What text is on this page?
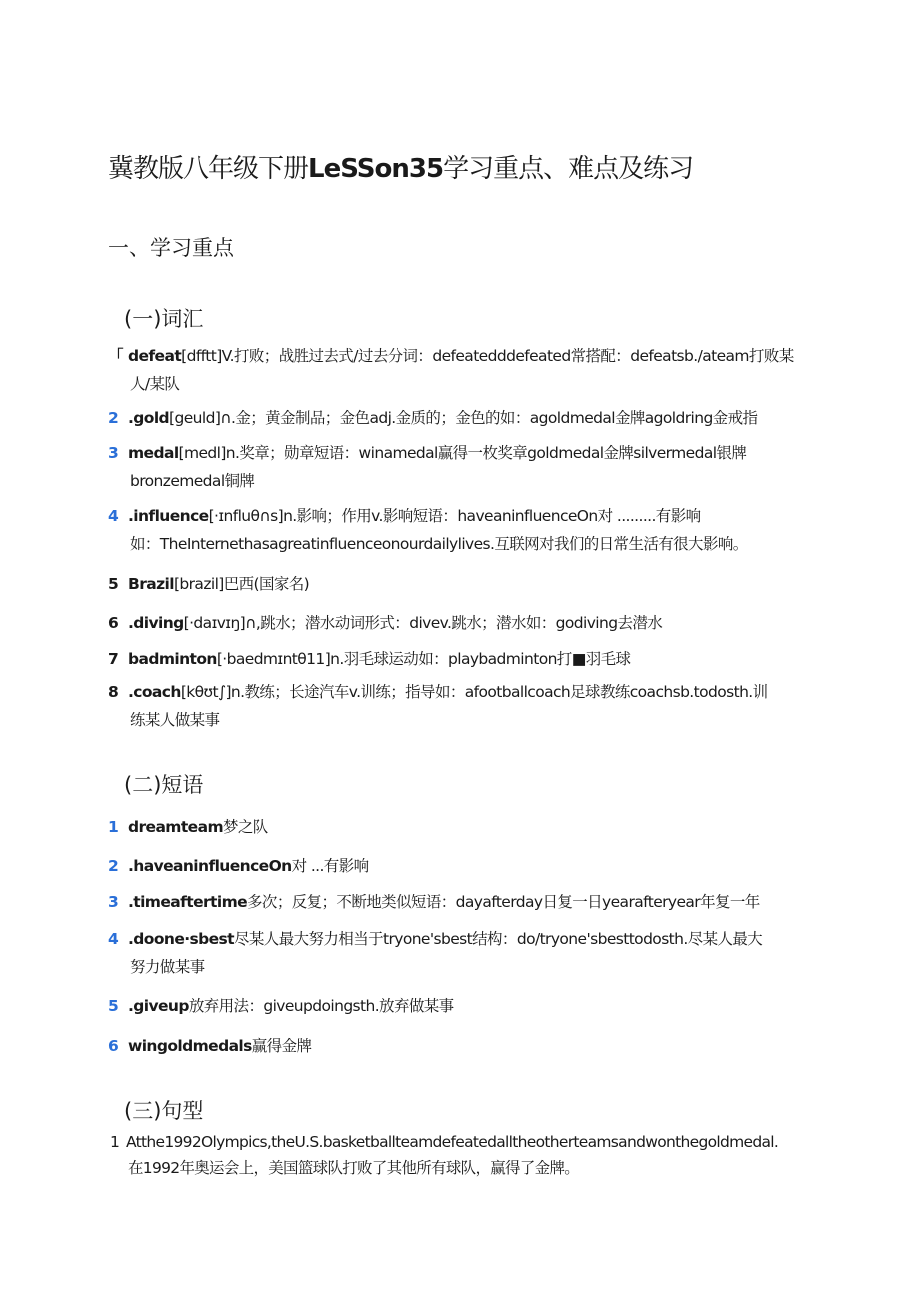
冀教版八年级下册LeSSon35学习重点、难点及练习
一、学习重点
(一)词汇
「 defeat[dfftt]V.打败；战胜过去式/过去分词：defeatedddefeated常搭配：defeatsb./ateam打败某
人/某队
2 .gold[geuld]∩.金；黄金制品；金色adj.金质的；金色的如：agoldmedal金牌agoldring金戒指
3 medal[medl]n.奖章；勋章短语：winamedal赢得一枚奖章goldmedal金牌silvermedal银牌
bronzemedal铜牌
4 .influence[·ɪnfluθ∩s]n.影响；作用v.影响短语：haveaninfluenceOn对 .........有影响
如：TheInternethasagreatinfluenceonourdailylives.互联网对我们的日常生活有很大影响。
5 Brazil[brazil]巴西(国家名)
6 .diving[·daɪvɪŋ]∩,跳水；潜水动词形式：divev.跳水；潜水如：godiving去潜水
7 badminton[·baedmɪntθ11]n.羽毛球运动如：playbadminton打■羽毛球
8 .coach[kθʊt∫]n.教练；长途汽车v.训练；指导如：afootballcoach足球教练coachsb.todosth.训
练某人做某事
(二)短语
1 dreamteam梦之队
2 .haveaninfluenceOn对 ...有影响
3 .timeaftertime多次；反复；不断地类似短语：dayafterday日复一日yearafteryear年复一年
4 .doone·sbest尽某人最大努力相当于tryone'sbest结构：do/tryone'sbesttodosth.尽某人最大
努力做某事
5 .giveup放弃用法：giveupdoingsth.放弃做某事
6 wingoldmedals赢得金牌
(三)句型
1 Atthe1992Olympics,theU.S.basketballteamdefeatedalltheotherteamsandwonthegoldmedal.
在1992年奥运会上，美国篮球队打败了其他所有球队，赢得了金牌。
